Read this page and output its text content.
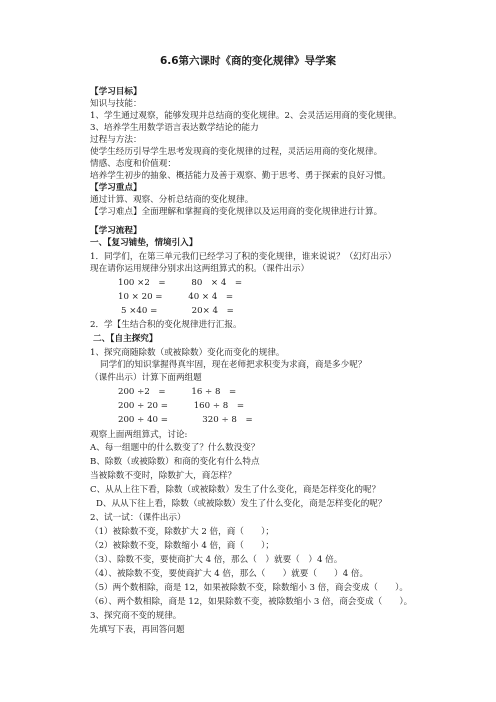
6.6第六课时《商的变化规律》导学案
【学习目标】
知识与技能：
1、学生通过观察，能够发现并总结商的变化规律。2、会灵活运用商的变化规律。
3、培养学生用数学语言表达数学结论的能力
过程与方法：
使学生经历引导学生思考发现商的变化规律的过程，灵活运用商的变化规律。
情感、态度和价值观：
培养学生初步的抽象、概括能力及善于观察、勤于思考、勇于探索的良好习惯。
【学习重点】
通过计算、观察、分析总结商的变化规律。
【学习难点】全面理解和掌握商的变化规律以及运用商的变化规律进行计算。
【学习流程】
一、【复习铺垫，情境引入】
1．同学们，在第三单元我们已经学习了积的变化规律，谁来说说？（幻灯出示）
现在请你运用规律分别求出这两组算式的积。（课件出示）
100 ×2　=　　　80　× 4　=
10 × 20 =　　　40 × 4　=
5 ×40 =　　　　20× 4　=
2．学【生结合积的变化规律进行汇报。
二、【自主探究】
1、探究商随除数（或被除数）变化而变化的规律。
同学们的知识掌握得真牢固，现在老师把求积变为求商，商是多少呢？
（课件出示）计算下面两组题
200 ÷2　=　　　16 ÷ 8　=
200 ÷ 20 =　　　160 ÷ 8　=
200 ÷ 40 =　　　　320 ÷ 8　=
观察上面两组算式，讨论:
A、每一组题中的什么数变了？什么数没变？
B、除数（或被除数）和商的变化有什么特点
当被除数不变时，除数扩大，商怎样？
C、从从上往下看，除数（或被除数）发生了什么变化，商是怎样变化的呢？
D、从从下往上看，除数（或被除数）发生了什么变化，商是怎样变化的呢？
2、试一试：（课件出示）
（1）被除数不变，除数扩大 2 倍，商（　　）；
（2）被除数不变，除数缩小 4 倍，商（　　）；
（3）、除数不变，要使商扩大 4 倍，那么（　）就要（　）4 倍。
（4）、被除数不变，要使商扩大 4 倍，那么（　　）就要（　　）4 倍。
（5）两个数相除，商是 12，如果被除数不变，除数缩小 3 倍，商会变成（　　）。
（6）、两个数相除，商是 12，如果除数不变，被除数缩小 3 倍，商会变成（　　）。
3、探究商不变的规律。
先填写下表，再回答问题
